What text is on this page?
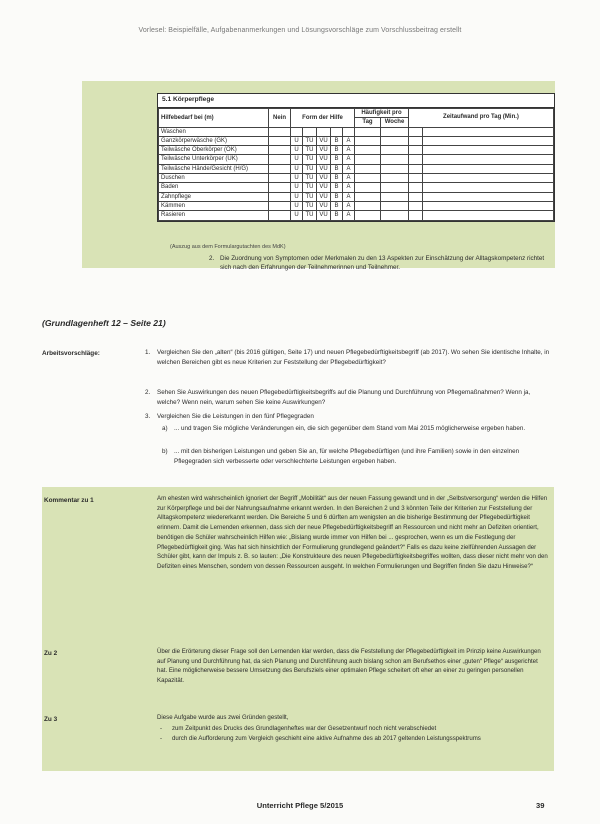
Vorlesel: Beispielfälle, Aufgabenanmerkungen und Lösungsvorschläge zum Vorschlussbeitrag erstellt
5.1 Körperpflege
Hilfebedarf bei (m)	Nein	Form der Hilfe					Häufigkeit pro		Zeitaufwand pro Tag (Min.)	
							Tag	Woche		
Waschen										
Ganzkörperwäsche (GK)		U	TÜ	VÜ	B	A				
Teilwäsche Oberkörper (OK)		U	TÜ	VÜ	B	A				
Teilwäsche Unterkörper (UK)		U	TÜ	VÜ	B	A				
Teilwäsche Hände/Gesicht (H/G)		U	TÜ	VÜ	B	A				
Duschen		U	TÜ	VÜ	B	A				
Baden		U	TÜ	VÜ	B	A				
Zahnpflege		U	TÜ	VÜ	B	A				
Kämmen		U	TÜ	VÜ	B	A				
Rasieren		U	TÜ	VÜ	B	A				
(Auszug aus dem Formulargutachten des MdK)
2. Die Zuordnung von Symptomen oder Merkmalen zu den 13 Aspekten zur Einschätzung der Alltagskompetenz richtet sich nach den Erfahrungen der Teilnehmerinnen und Teilnehmer.
(Grundlagenheft 12 – Seite 21)
Arbeitsvorschläge:	1. Vergleichen Sie den „alten“ (bis 2016 gültigen, Seite 17) und neuen Pflegebedürftigkeitsbegriff (ab 2017). Wo sehen Sie identische Inhalte, in welchen Bereichen gibt es neue Kriterien zur Feststellung der Pflegebedürftigkeit?
2. Sehen Sie Auswirkungen des neuen Pflegebedürftigkeitsbegriffs auf die Planung und Durchführung von Pflegemaßnahmen? Wenn ja, welche? Wenn nein, warum sehen Sie keine Auswirkungen?
3. Vergleichen Sie die Leistungen in den fünf Pflegegraden
a) ... und tragen Sie mögliche Veränderungen ein, die sich gegenüber dem Stand vom Mai 2015 möglicherweise ergeben haben.
b) ... mit den bisherigen Leistungen und geben Sie an, für welche Pflegebedürftigen (und ihre Familien) sowie in den einzelnen Pflegegraden sich verbesserte oder verschlechterte Leistungen ergeben haben.
Kommentar zu 1	Am ehesten wird wahrscheinlich ignoriert der Begriff „Mobilität“ aus der neuen Fassung gewandt und in der „Selbstversorgung“ werden die Hilfen zur Körperpflege und bei der Nahrungsaufnahme erkannt werden. In den Bereichen 2 und 3 könnten Teile der Kriterien zur Feststellung der Alltagskompetenz wiedererkannt werden. Die Bereiche 5 und 6 dürften am wenigsten an die bisherige Bestimmung der Pflegebedürftigkeit erinnern. Damit die Lernenden erkennen, dass sich der neue Pflegebedürftigkeitsbegriff an Ressourcen und nicht mehr an Defiziten orientiert, benötigen die Schüler wahrscheinlich Hilfen wie: „Bislang wurde immer von Hilfen bei ... gesprochen, wenn es um die Festlegung der Pflegebedürftigkeit ging. Was hat sich hinsichtlich der Formulierung grundlegend geändert?“ Falls es dazu keine zielführenden Aussagen der Schüler gibt, kann der Impuls z. B. so lauten: „Die Konstrukteure des neuen Pflegebedürftigkeitsbegriffes wollten, dass dieser nicht mehr von den Defiziten eines Menschen, sondern von dessen Ressourcen ausgeht. In welchen Formulierungen und Begriffen finden Sie dazu Hinweise?“
Zu 2	Über die Erörterung dieser Frage soll den Lernenden klar werden, dass die Feststellung der Pflegebedürftigkeit im Prinzip keine Auswirkungen auf Planung und Durchführung hat, da sich Planung und Durchführung auch bislang schon am Berufsethos einer „guten“ Pflege“ ausgerichtet hat. Eine möglicherweise bessere Umsetzung des Berufsziels einer optimalen Pflege scheitert oft eher an einer zu geringen personellen Kapazität.
Zu 3	Diese Aufgabe wurde aus zwei Gründen gestellt,
- zum Zeitpunkt des Drucks des Grundlagenheftes war der Gesetzentwurf noch nicht verabschiedet
- durch die Aufforderung zum Vergleich geschieht eine aktive Aufnahme des ab 2017 geltenden Leistungsspektrums
Unterricht Pflege 5/2015	39
